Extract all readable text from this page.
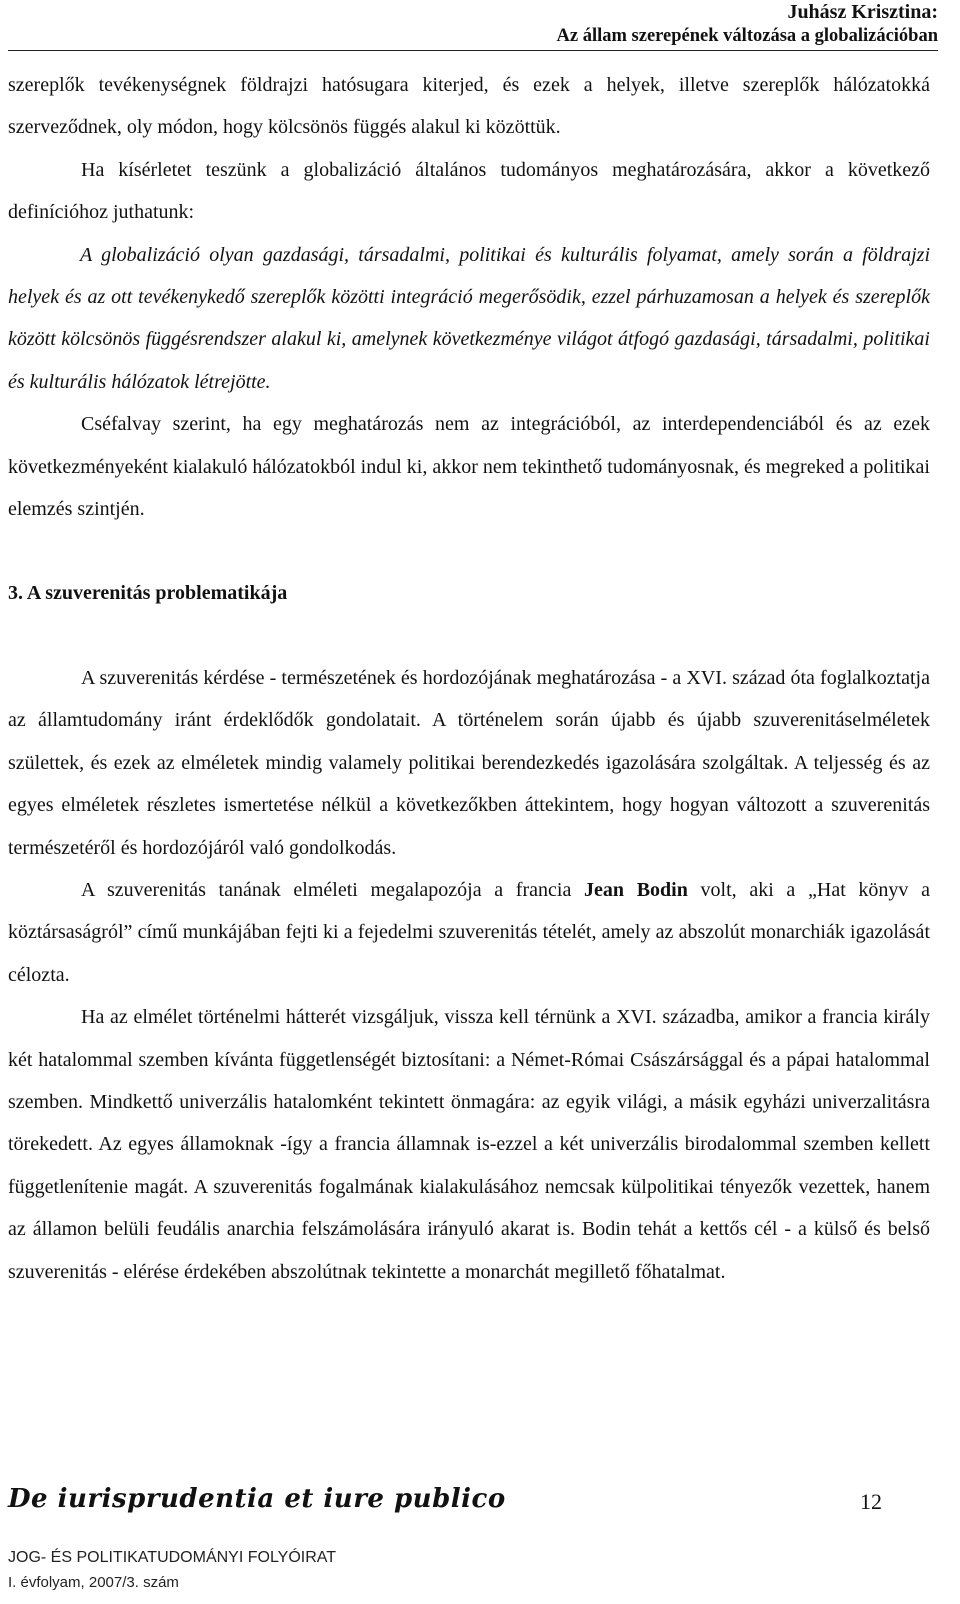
Juhász Krisztina:
Az állam szerepének változása a globalizációban

szereplők tevékenységnek földrajzi hatósugara kiterjed, és ezek a helyek, illetve szereplők hálózatokká szerveződnek, oly módon, hogy kölcsönös függés alakul ki közöttük.

Ha kísérletet teszünk a globalizáció általános tudományos meghatározására, akkor a következő definícióhoz juthatunk:

A globalizáció olyan gazdasági, társadalmi, politikai és kulturális folyamat, amely során a földrajzi helyek és az ott tevékenykedő szereplők közötti integráció megerősödik, ezzel párhuzamosan a helyek és szereplők között kölcsönös függésrendszer alakul ki, amelynek következménye világot átfogó gazdasági, társadalmi, politikai és kulturális hálózatok létrejötte.

Cséfalvay szerint, ha egy meghatározás nem az integrációból, az interdependenciából és az ezek következményeként kialakuló hálózatokból indul ki, akkor nem tekinthető tudományosnak, és megreked a politikai elemzés szintjén.

3. A szuverenitás problematikája

A szuverenitás kérdése - természetének és hordozójának meghatározása - a XVI. század óta foglalkoztatja az államtudomány iránt érdeklődők gondolatait. A történelem során újabb és újabb szuverenitáselméletek születtek, és ezek az elméletek mindig valamely politikai berendezkedés igazolására szolgáltak. A teljesség és az egyes elméletek részletes ismertetése nélkül a következőkben áttekintem, hogy hogyan változott a szuverenitás természetéről és hordozójáról való gondolkodás.

A szuverenitás tanának elméleti megalapozója a francia Jean Bodin volt, aki a „Hat könyv a köztársaságról” című munkájában fejti ki a fejedelmi szuverenitás tételét, amely az abszolút monarchiák igazolását célozta.

Ha az elmélet történelmi hátterét vizsgáljuk, vissza kell térnünk a XVI. századba, amikor a francia király két hatalommal szemben kívánta függetlenségét biztosítani: a Német-Római Császársággal és a pápai hatalommal szemben. Mindkettő univerzális hatalomként tekintett önmagára: az egyik világi, a másik egyházi univerzalitásra törekedett. Az egyes államoknak -így a francia államnak is-ezzel a két univerzális birodalommal szemben kellett függetlenítenie magát. A szuverenitás fogalmának kialakulásához nemcsak külpolitikai tényezők vezettek, hanem az államon belüli feudális anarchia felszámolására irányuló akarat is. Bodin tehát a kettős cél - a külső és belső szuverenitás - elérése érdekében abszolútnak tekintette a monarchát megillető főhatalmat.

De iurisprudentia et iure publico
JOG- ÉS POLITIKATUDOMÁNYI FOLYÓIRAT
I. évfolyam, 2007/3. szám
12
